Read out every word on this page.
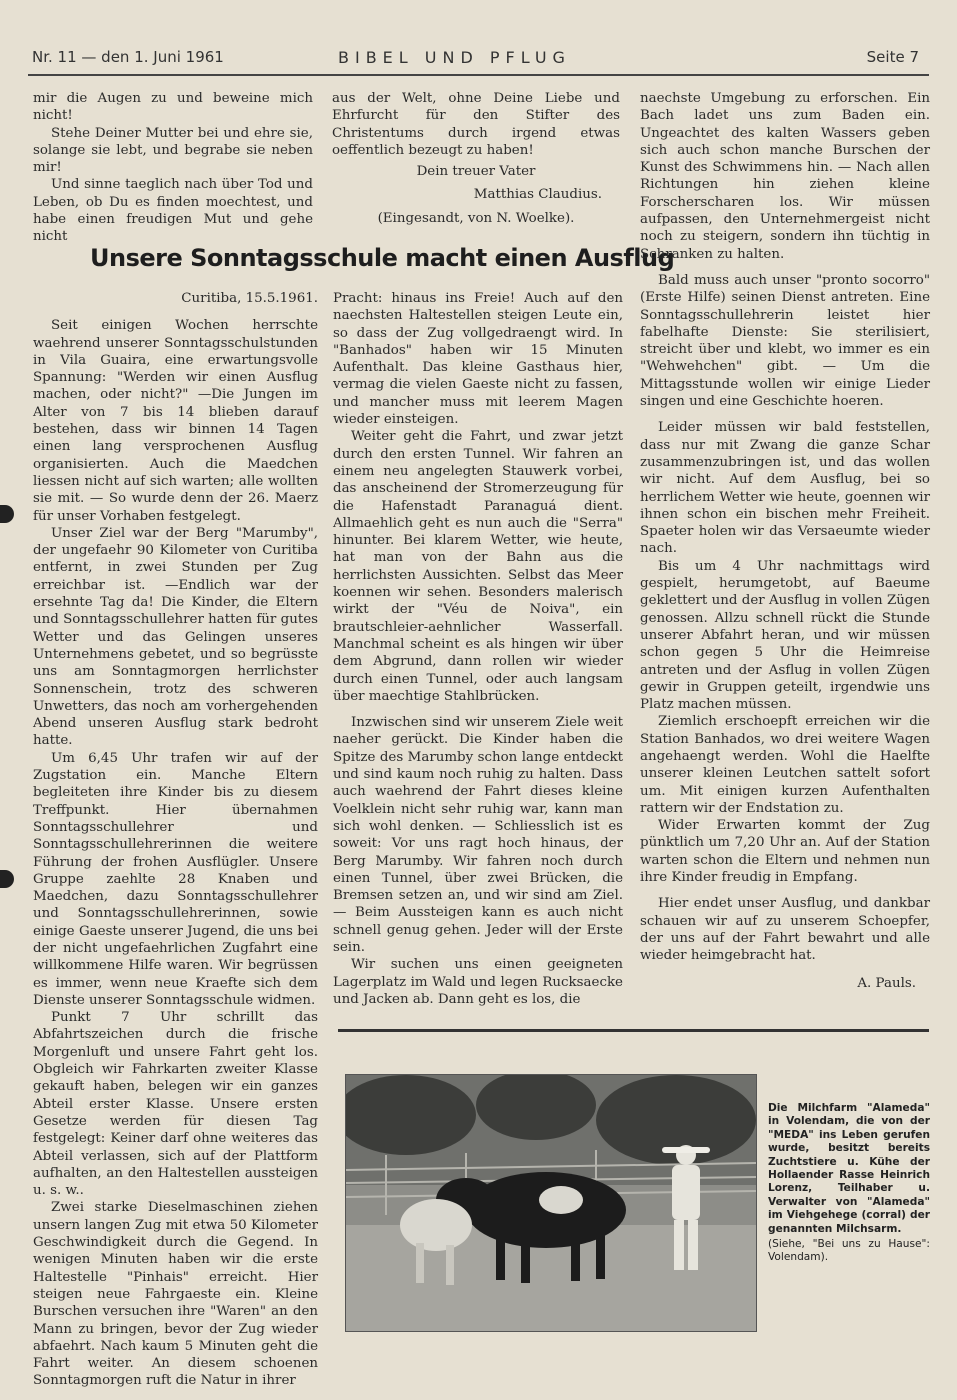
Nr. 11 — den 1. Juni 1961	BIBEL UND PFLUG	Seite 7

mir die Augen zu und beweine mich nicht!

Stehe Deiner Mutter bei und ehre sie, solange sie lebt, und begrabe sie neben mir!

Und sinne taeglich nach über Tod und Leben, ob Du es finden moechtest, und habe einen freudigen Mut und gehe nicht

aus der Welt, ohne Deine Liebe und Ehrfurcht für den Stifter des Christentums durch irgend etwas oeffentlich bezeugt zu haben!

Dein treuer Vater

Matthias Claudius.

(Eingesandt, von N. Woelke).

Unsere Sonntagsschule macht einen Ausflug

Curitiba, 15.5.1961.

Seit einigen Wochen herrschte waehrend unserer Sonntagsschulstunden in Vila Guaira, eine erwartungsvolle Spannung: "Werden wir einen Ausflug machen, oder nicht?" —Die Jungen im Alter von 7 bis 14 blieben darauf bestehen, dass wir binnen 14 Tagen einen lang versprochenen Ausflug organisierten. Auch die Maedchen liessen nicht auf sich warten; alle wollten sie mit. — So wurde denn der 26. Maerz für unser Vorhaben festgelegt.

Unser Ziel war der Berg "Marumby", der ungefaehr 90 Kilometer von Curitiba entfernt, in zwei Stunden per Zug erreichbar ist. —Endlich war der ersehnte Tag da! Die Kinder, die Eltern und Sonntagsschullehrer hatten für gutes Wetter und das Gelingen unseres Unternehmens gebetet, und so begrüsste uns am Sonntagmorgen herrlichster Sonnenschein, trotz des schweren Unwetters, das noch am vorhergehenden Abend unseren Ausflug stark bedroht hatte.

Um 6,45 Uhr trafen wir auf der Zugstation ein. Manche Eltern begleiteten ihre Kinder bis zu diesem Treffpunkt. Hier übernahmen Sonntagsschullehrer und Sonntagsschullehrerinnen die weitere Führung der frohen Ausflügler. Unsere Gruppe zaehlte 28 Knaben und Maedchen, dazu Sonntagsschullehrer und Sonntagsschullehrerinnen, sowie einige Gaeste unserer Jugend, die uns bei der nicht ungefaehrlichen Zugfahrt eine willkommene Hilfe waren. Wir begrüssen es immer, wenn neue Kraefte sich dem Dienste unserer Sonntagsschule widmen.

Punkt 7 Uhr schrillt das Abfahrtszeichen durch die frische Morgenluft und unsere Fahrt geht los. Obgleich wir Fahrkarten zweiter Klasse gekauft haben, belegen wir ein ganzes Abteil erster Klasse. Unsere ersten Gesetze werden für diesen Tag festgelegt: Keiner darf ohne weiteres das Abteil verlassen, sich auf der Plattform aufhalten, an den Haltestellen aussteigen u. s. w..

Zwei starke Dieselmaschinen ziehen unsern langen Zug mit etwa 50 Kilometer Geschwindigkeit durch die Gegend. In wenigen Minuten haben wir die erste Haltestelle "Pinhais" erreicht. Hier steigen neue Fahrgaeste ein. Kleine Burschen versuchen ihre "Waren" an den Mann zu bringen, bevor der Zug wieder abfaehrt. Nach kaum 5 Minuten geht die Fahrt weiter. An diesem schoenen Sonntagmorgen ruft die Natur in ihrer

Pracht: hinaus ins Freie! Auch auf den naechsten Haltestellen steigen Leute ein, so dass der Zug vollgedraengt wird. In "Banhados" haben wir 15 Minuten Aufenthalt. Das kleine Gasthaus hier, vermag die vielen Gaeste nicht zu fassen, und mancher muss mit leerem Magen wieder einsteigen.

Weiter geht die Fahrt, und zwar jetzt durch den ersten Tunnel. Wir fahren an einem neu angelegten Stauwerk vorbei, das anscheinend der Stromerzeugung für die Hafenstadt Paranaguá dient. Allmaehlich geht es nun auch die "Serra" hinunter. Bei klarem Wetter, wie heute, hat man von der Bahn aus die herrlichsten Aussichten. Selbst das Meer koennen wir sehen. Besonders malerisch wirkt der "Véu de Noiva", ein brautschleier-aehnlicher Wasserfall. Manchmal scheint es als hingen wir über dem Abgrund, dann rollen wir wieder durch einen Tunnel, oder auch langsam über maechtige Stahlbrücken.

Inzwischen sind wir unserem Ziele weit naeher gerückt. Die Kinder haben die Spitze des Marumby schon lange entdeckt und sind kaum noch ruhig zu halten. Dass auch waehrend der Fahrt dieses kleine Voelklein nicht sehr ruhig war, kann man sich wohl denken. — Schliesslich ist es soweit: Vor uns ragt hoch hinaus, der Berg Marumby. Wir fahren noch durch einen Tunnel, über zwei Brücken, die Bremsen setzen an, und wir sind am Ziel. — Beim Aussteigen kann es auch nicht schnell genug gehen. Jeder will der Erste sein.

Wir suchen uns einen geeigneten Lagerplatz im Wald und legen Rucksaecke und Jacken ab. Dann geht es los, die

naechste Umgebung zu erforschen. Ein Bach ladet uns zum Baden ein. Ungeachtet des kalten Wassers geben sich auch schon manche Burschen der Kunst des Schwimmens hin. — Nach allen Richtungen hin ziehen kleine Forscherscharen los. Wir müssen aufpassen, den Unternehmergeist nicht noch zu steigern, sondern ihn tüchtig in Schranken zu halten.

Bald muss auch unser "pronto socorro" (Erste Hilfe) seinen Dienst antreten. Eine Sonntagsschullehrerin leistet hier fabelhafte Dienste: Sie sterilisiert, streicht über und klebt, wo immer es ein "Wehwehchen" gibt. — Um die Mittagsstunde wollen wir einige Lieder singen und eine Geschichte hoeren.

Leider müssen wir bald feststellen, dass nur mit Zwang die ganze Schar zusammenzubringen ist, und das wollen wir nicht. Auf dem Ausflug, bei so herrlichem Wetter wie heute, goennen wir ihnen schon ein bischen mehr Freiheit. Spaeter holen wir das Versaeumte wieder nach.

Bis um 4 Uhr nachmittags wird gespielt, herumgetobt, auf Baeume geklettert und der Ausflug in vollen Zügen genossen. Allzu schnell rückt die Stunde unserer Abfahrt heran, und wir müssen schon gegen 5 Uhr die Heimreise antreten und der Asflug in vollen Zügen gewir in Gruppen geteilt, irgendwie uns Platz machen müssen.

Ziemlich erschoepft erreichen wir die Station Banhados, wo drei weitere Wagen angehaengt werden. Wohl die Haelfte unserer kleinen Leutchen sattelt sofort um. Mit einigen kurzen Aufenthalten rattern wir der Endstation zu.

Wider Erwarten kommt der Zug pünktlich um 7,20 Uhr an. Auf der Station warten schon die Eltern und nehmen nun ihre Kinder freudig in Empfang.

Hier endet unser Ausflug, und dankbar schauen wir auf zu unserem Schoepfer, der uns auf der Fahrt bewahrt und alle wieder heimgebracht hat.

A. Pauls.

Die Milchfarm "Alameda" in Volendam, die von der "MEDA" ins Leben gerufen wurde, besitzt bereits Zuchtstiere u. Kühe der Hollaender Rasse Heinrich Lorenz, Teilhaber u. Verwalter von "Alameda" im Viehgehege (corral) der genannten Milchsarm.
(Siehe, "Bei uns zu Hause": Volendam).
